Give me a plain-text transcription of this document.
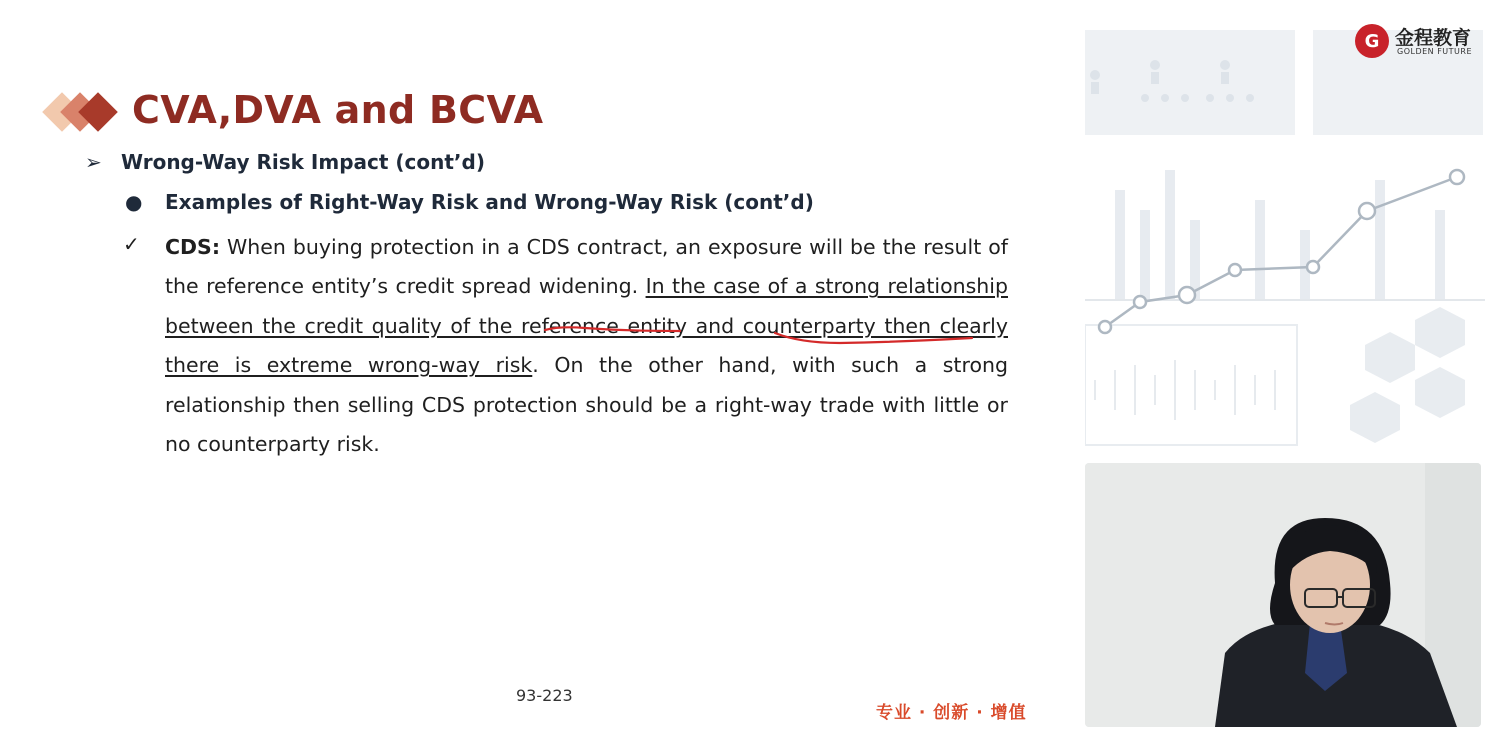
CVA,DVA and BCVA
➢ Wrong-Way Risk Impact (cont’d)
● Examples of Right-Way Risk and Wrong-Way Risk (cont’d)
✓ CDS: When buying protection in a CDS contract, an exposure will be the result of the reference entity’s credit spread widening. In the case of a strong relationship between the credit quality of the reference entity and counterparty then clearly there is extreme wrong-way risk. On the other hand, with such a strong relationship then selling CDS protection should be a right-way trade with little or no counterparty risk.

93-223
专业 · 创新 · 增值
G 金程教育
GOLDEN FUTURE
